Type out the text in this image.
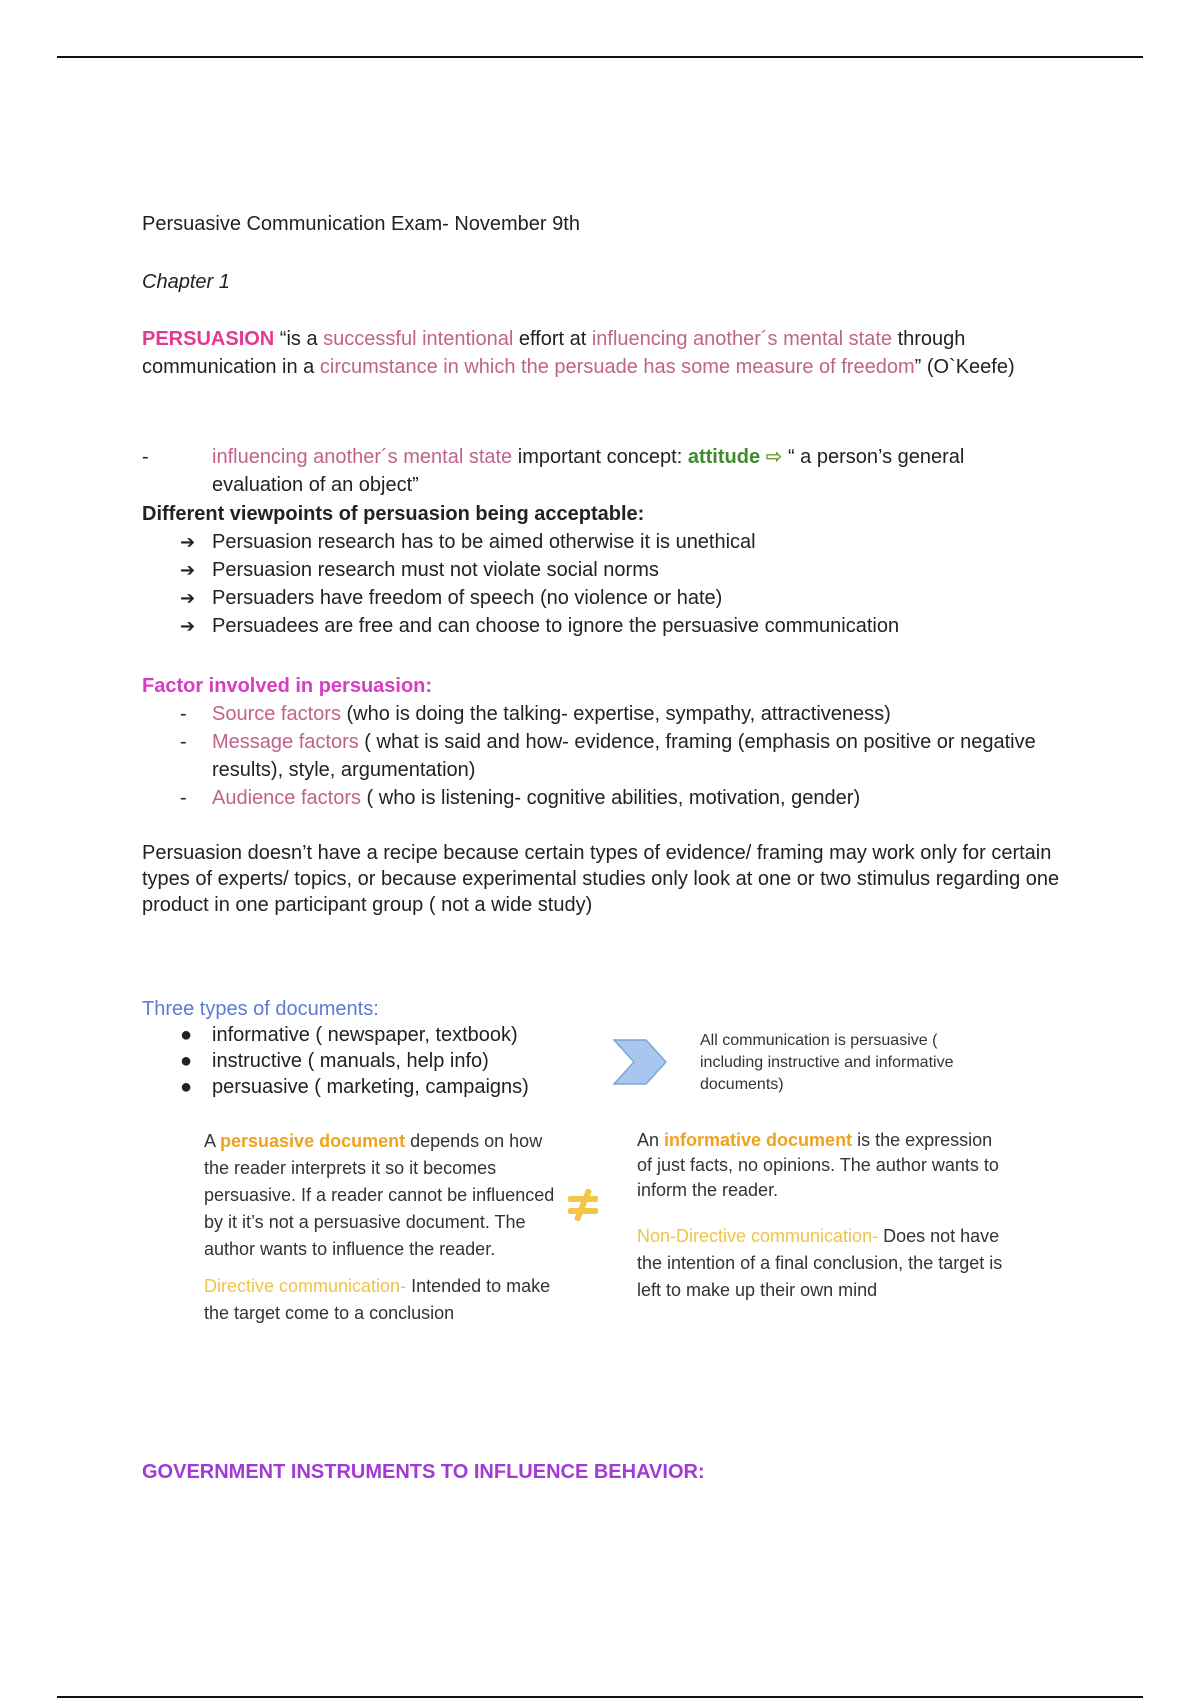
Persuasive Communication Exam- November 9th

Chapter 1

PERSUASION “is a successful intentional effort at influencing another´s mental state through communication in a circumstance in which the persuade has some measure of freedom” (O`Keefe)

-	influencing another´s mental state important concept: attitude ⇨ “ a person’s general evaluation of an object”

Different viewpoints of persuasion being acceptable:

➔ Persuasion research has to be aimed otherwise it is unethical
➔ Persuasion research must not violate social norms
➔ Persuaders have freedom of speech (no violence or hate)
➔ Persuadees are free and can choose to ignore the persuasive communication

Factor involved in persuasion:

- Source factors (who is doing the talking- expertise, sympathy, attractiveness)
- Message factors ( what is said and how- evidence, framing (emphasis on positive or negative results), style, argumentation)
- Audience factors ( who is listening- cognitive abilities, motivation, gender)

Persuasion doesn’t have a recipe because certain types of evidence/ framing may work only for certain types of experts/ topics, or because experimental studies only look at one or two stimulus regarding one product in one participant group ( not a wide study)

Three types of documents:

● informative ( newspaper, textbook)
● instructive ( manuals, help info)
● persuasive ( marketing, campaigns)

All communication is persuasive ( including instructive and informative documents)

A persuasive document depends on how the reader interprets it so it becomes persuasive. If a reader cannot be influenced by it it’s not a persuasive document. The author wants to influence the reader.

Directive communication- Intended to make the target come to a conclusion

An informative document is the expression of just facts, no opinions. The author wants to inform the reader.

Non-Directive communication- Does not have the intention of a final conclusion, the target is left to make up their own mind

GOVERNMENT INSTRUMENTS TO INFLUENCE BEHAVIOR:
